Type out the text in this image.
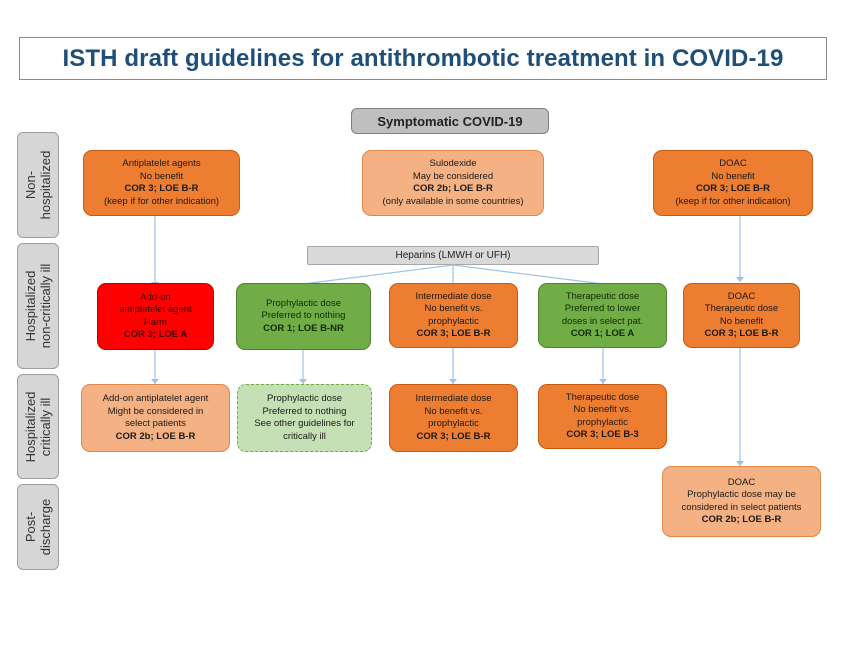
ISTH draft guidelines for antithrombotic treatment in COVID-19
Symptomatic COVID-19
Heparins (LMWH or UFH)
Non-
hospitalized
Hospitalized
non-critically ill
Hospitalized
critically ill
Post-
discharge
Antiplatelet agents
No benefit
COR 3; LOE B-R
(keep if for other indication)
Sulodexide
May be considered
COR 2b; LOE B-R
(only available in some countries)
DOAC
No benefit
COR 3; LOE B-R
(keep if for other indication)
Add-on
antiplatelet agent
Harm
COR 3; LOE A
Prophylactic dose
Preferred to nothing
COR 1; LOE B-NR
Intermediate dose
No benefit vs.
prophylactic
COR 3; LOE B-R
Therapeutic dose
Preferred to lower
doses in select pat.
COR 1; LOE A
DOAC
Therapeutic dose
No benefit
COR 3; LOE B-R
Add-on antiplatelet agent
Might be considered in
select patients
COR 2b; LOE B-R
Prophylactic dose
Preferred to nothing
See other guidelines for
critically ill
Intermediate dose
No benefit vs.
prophylactic
COR 3; LOE B-R
Therapeutic dose
No benefit vs.
prophylactic
COR 3; LOE B-3
DOAC
Prophylactic dose may be
considered in select patients
COR 2b; LOE B-R
